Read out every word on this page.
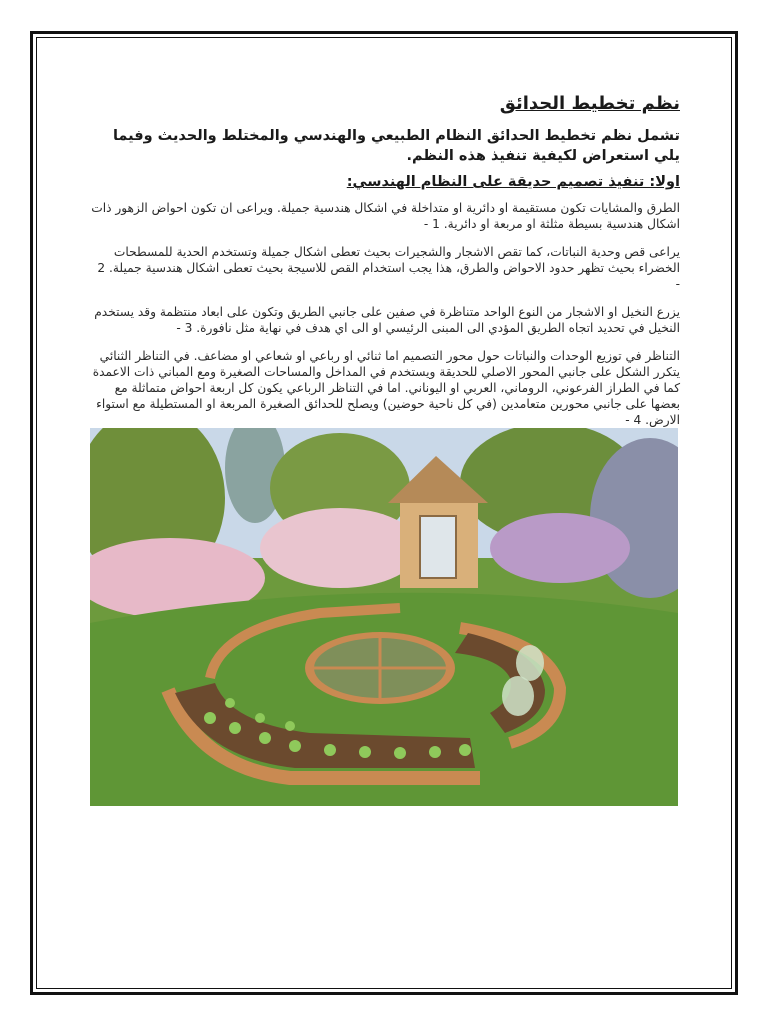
نظم تخطيط الحدائق

تشمل نظم تخطيط الحدائق النظام الطبيعي والهندسي والمختلط والحديث وفيما يلي استعراض لكيفية تنفيذ هذه النظم.

اولا: تنفيذ تصميم حديقة على النظام الهندسي:

الطرق والمشايات تكون مستقيمة او دائرية او متداخلة في اشكال هندسية جميلة. ويراعى ان تكون احواض الزهور ذات اشكال هندسية بسيطة مثلثة او مربعة او دائرية. 1 -

يراعى قص وحدية النباتات، كما تقص الاشجار والشجيرات بحيث تعطى اشكال جميلة وتستخدم الحدية للمسطحات الخضراء بحيث تظهر حدود الاحواض والطرق، هذا يجب استخدام القص للاسيجة بحيث تعطى اشكال هندسية جميلة. 2 -

يزرع النخيل او الاشجار من النوع الواحد متناظرة في صفين على جانبي الطريق وتكون على ابعاد منتظمة وقد يستخدم النخيل في تحديد اتجاه الطريق المؤدي الى المبنى الرئيسي او الى اي هدف في نهاية مثل نافورة. 3 -

التناظر في توزيع الوحدات والنباتات حول محور التصميم اما ثنائي او رباعي او شعاعي او مضاعف. في التناظر الثنائي يتكرر الشكل على جانبي المحور الاصلي للحديقة ويستخدم في المداخل والمساحات الصغيرة ومع المباني ذات الاعمدة كما في الطراز الفرعوني، الروماني، العربي او اليوناني. اما في التناظر الرباعي يكون كل اربعة احواض متماثلة مع بعضها على جانبي محورين متعامدين (في كل ناحية حوضين) ويصلح للحدائق الصغيرة المربعة او المستطيلة مع استواء الارض. 4 -
